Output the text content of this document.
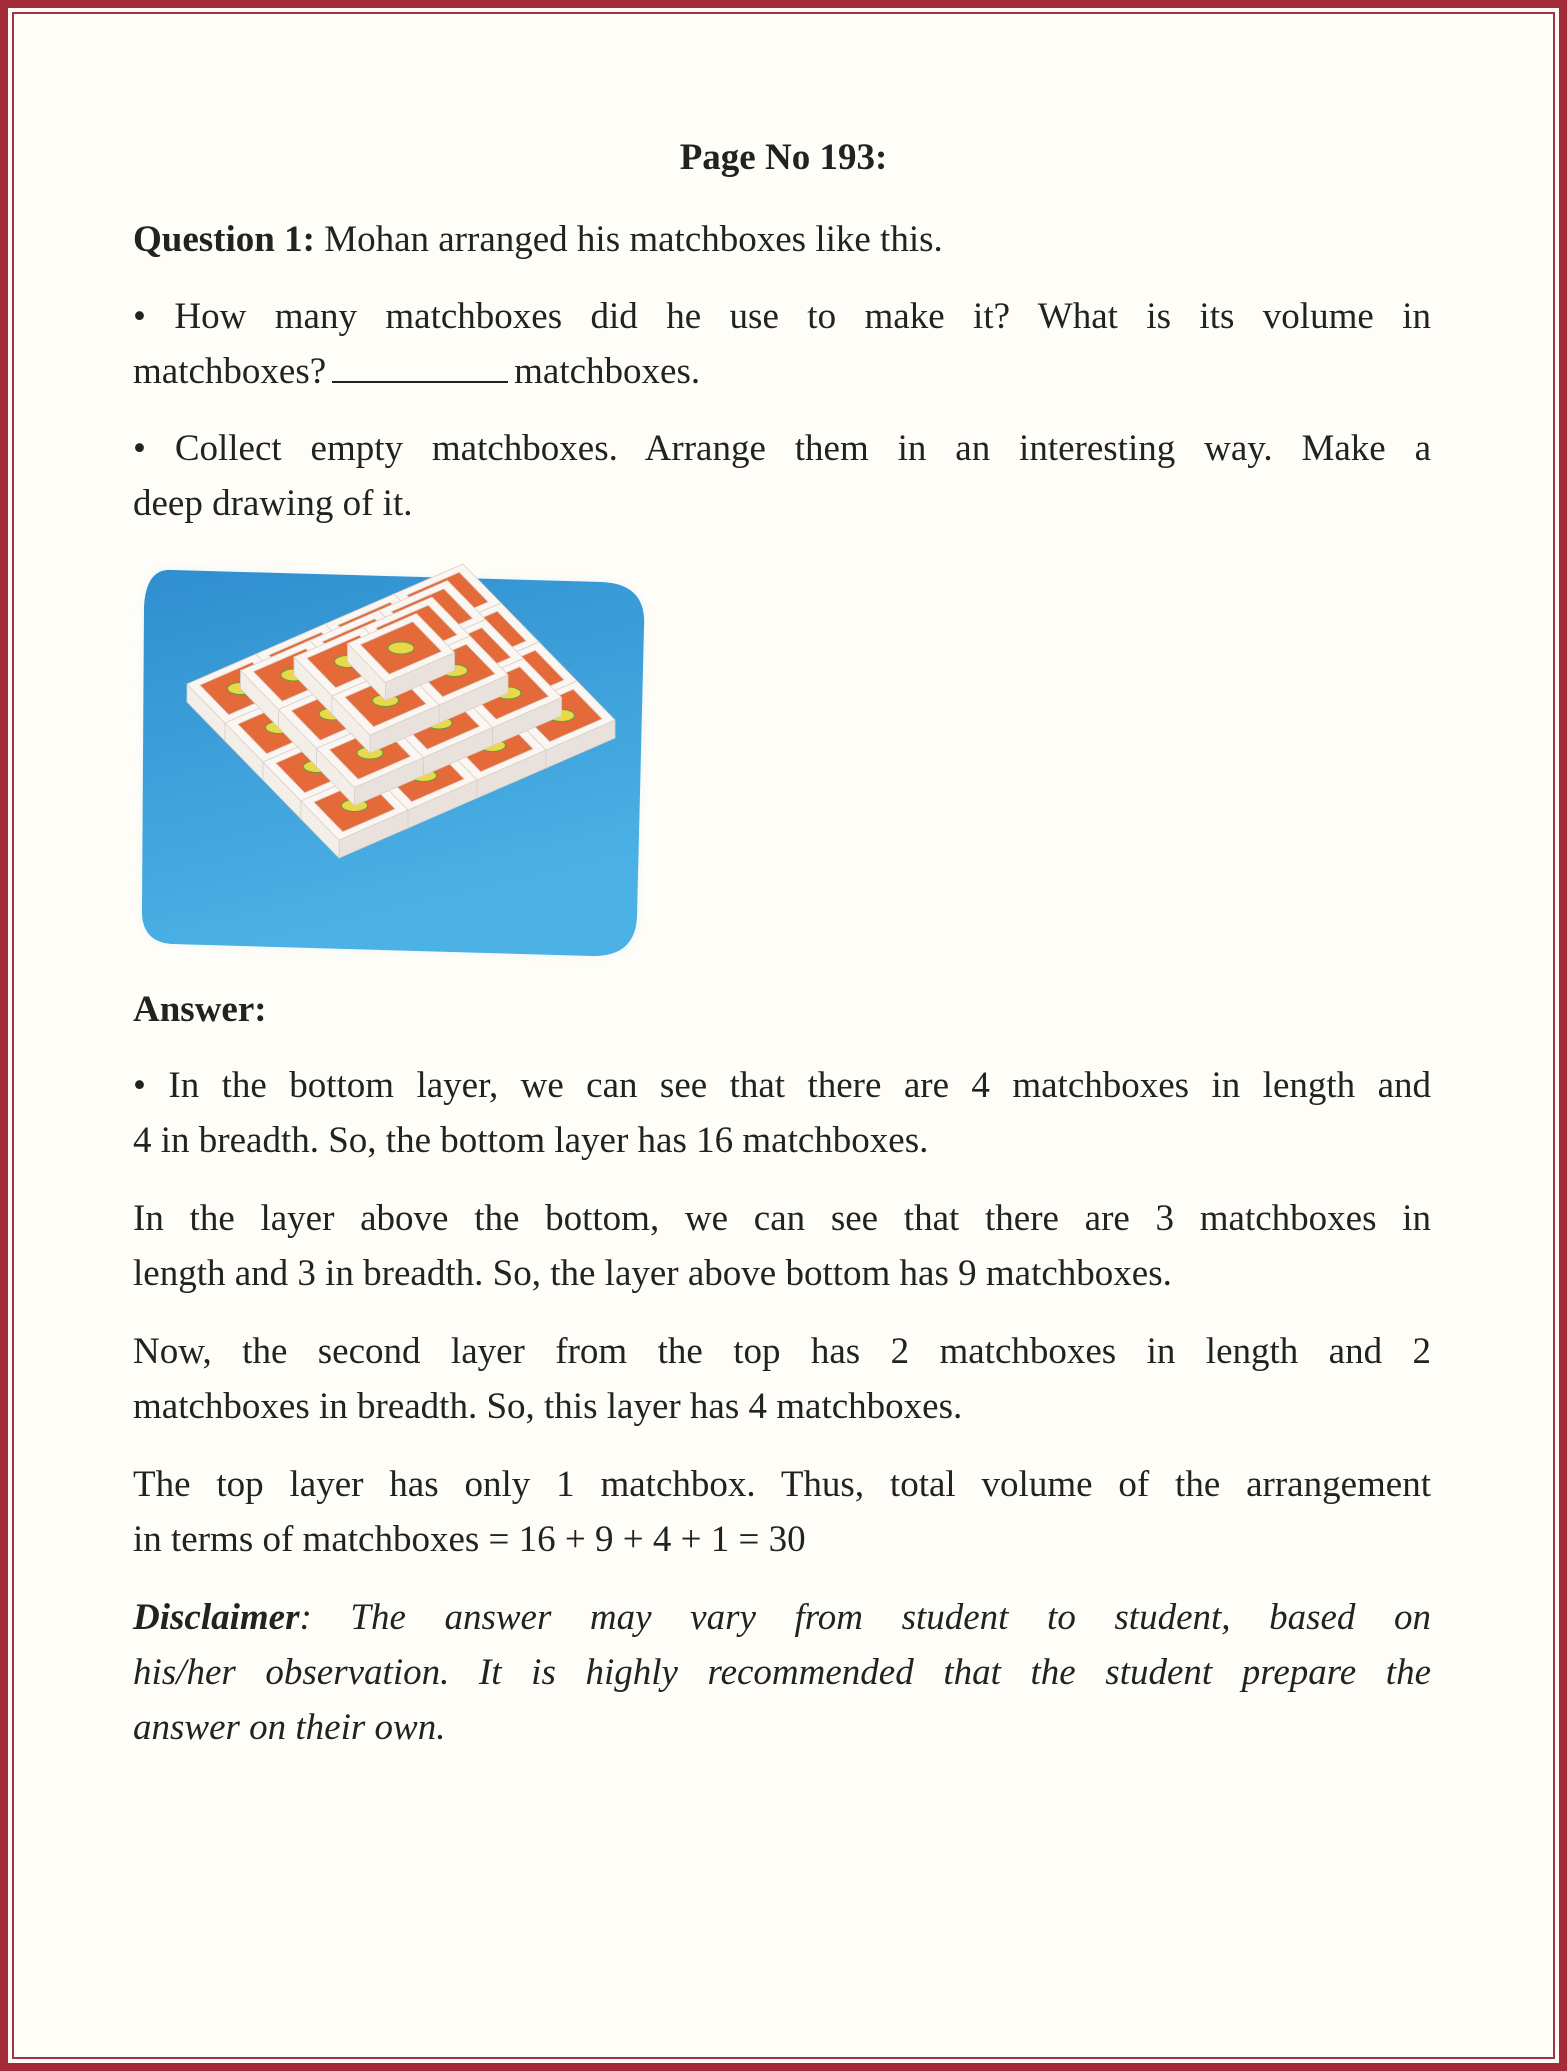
Page No 193:
Question 1: Mohan arranged his matchboxes like this.
• How many matchboxes did he use to make it? What is its volume in
matchboxes?	matchboxes.
• Collect empty matchboxes. Arrange them in an interesting way. Make a
deep drawing of it.
Answer:
• In the bottom layer, we can see that there are 4 matchboxes in length and
4 in breadth. So, the bottom layer has 16 matchboxes.
In the layer above the bottom, we can see that there are 3 matchboxes in
length and 3 in breadth. So, the layer above bottom has 9 matchboxes.
Now, the second layer from the top has 2 matchboxes in length and 2
matchboxes in breadth. So, this layer has 4 matchboxes.
The top layer has only 1 matchbox. Thus, total volume of the arrangement
in terms of matchboxes = 16 + 9 + 4 + 1 = 30
Disclaimer: The answer may vary from student to student, based on
his/her observation. It is highly recommended that the student prepare the
answer on their own.
